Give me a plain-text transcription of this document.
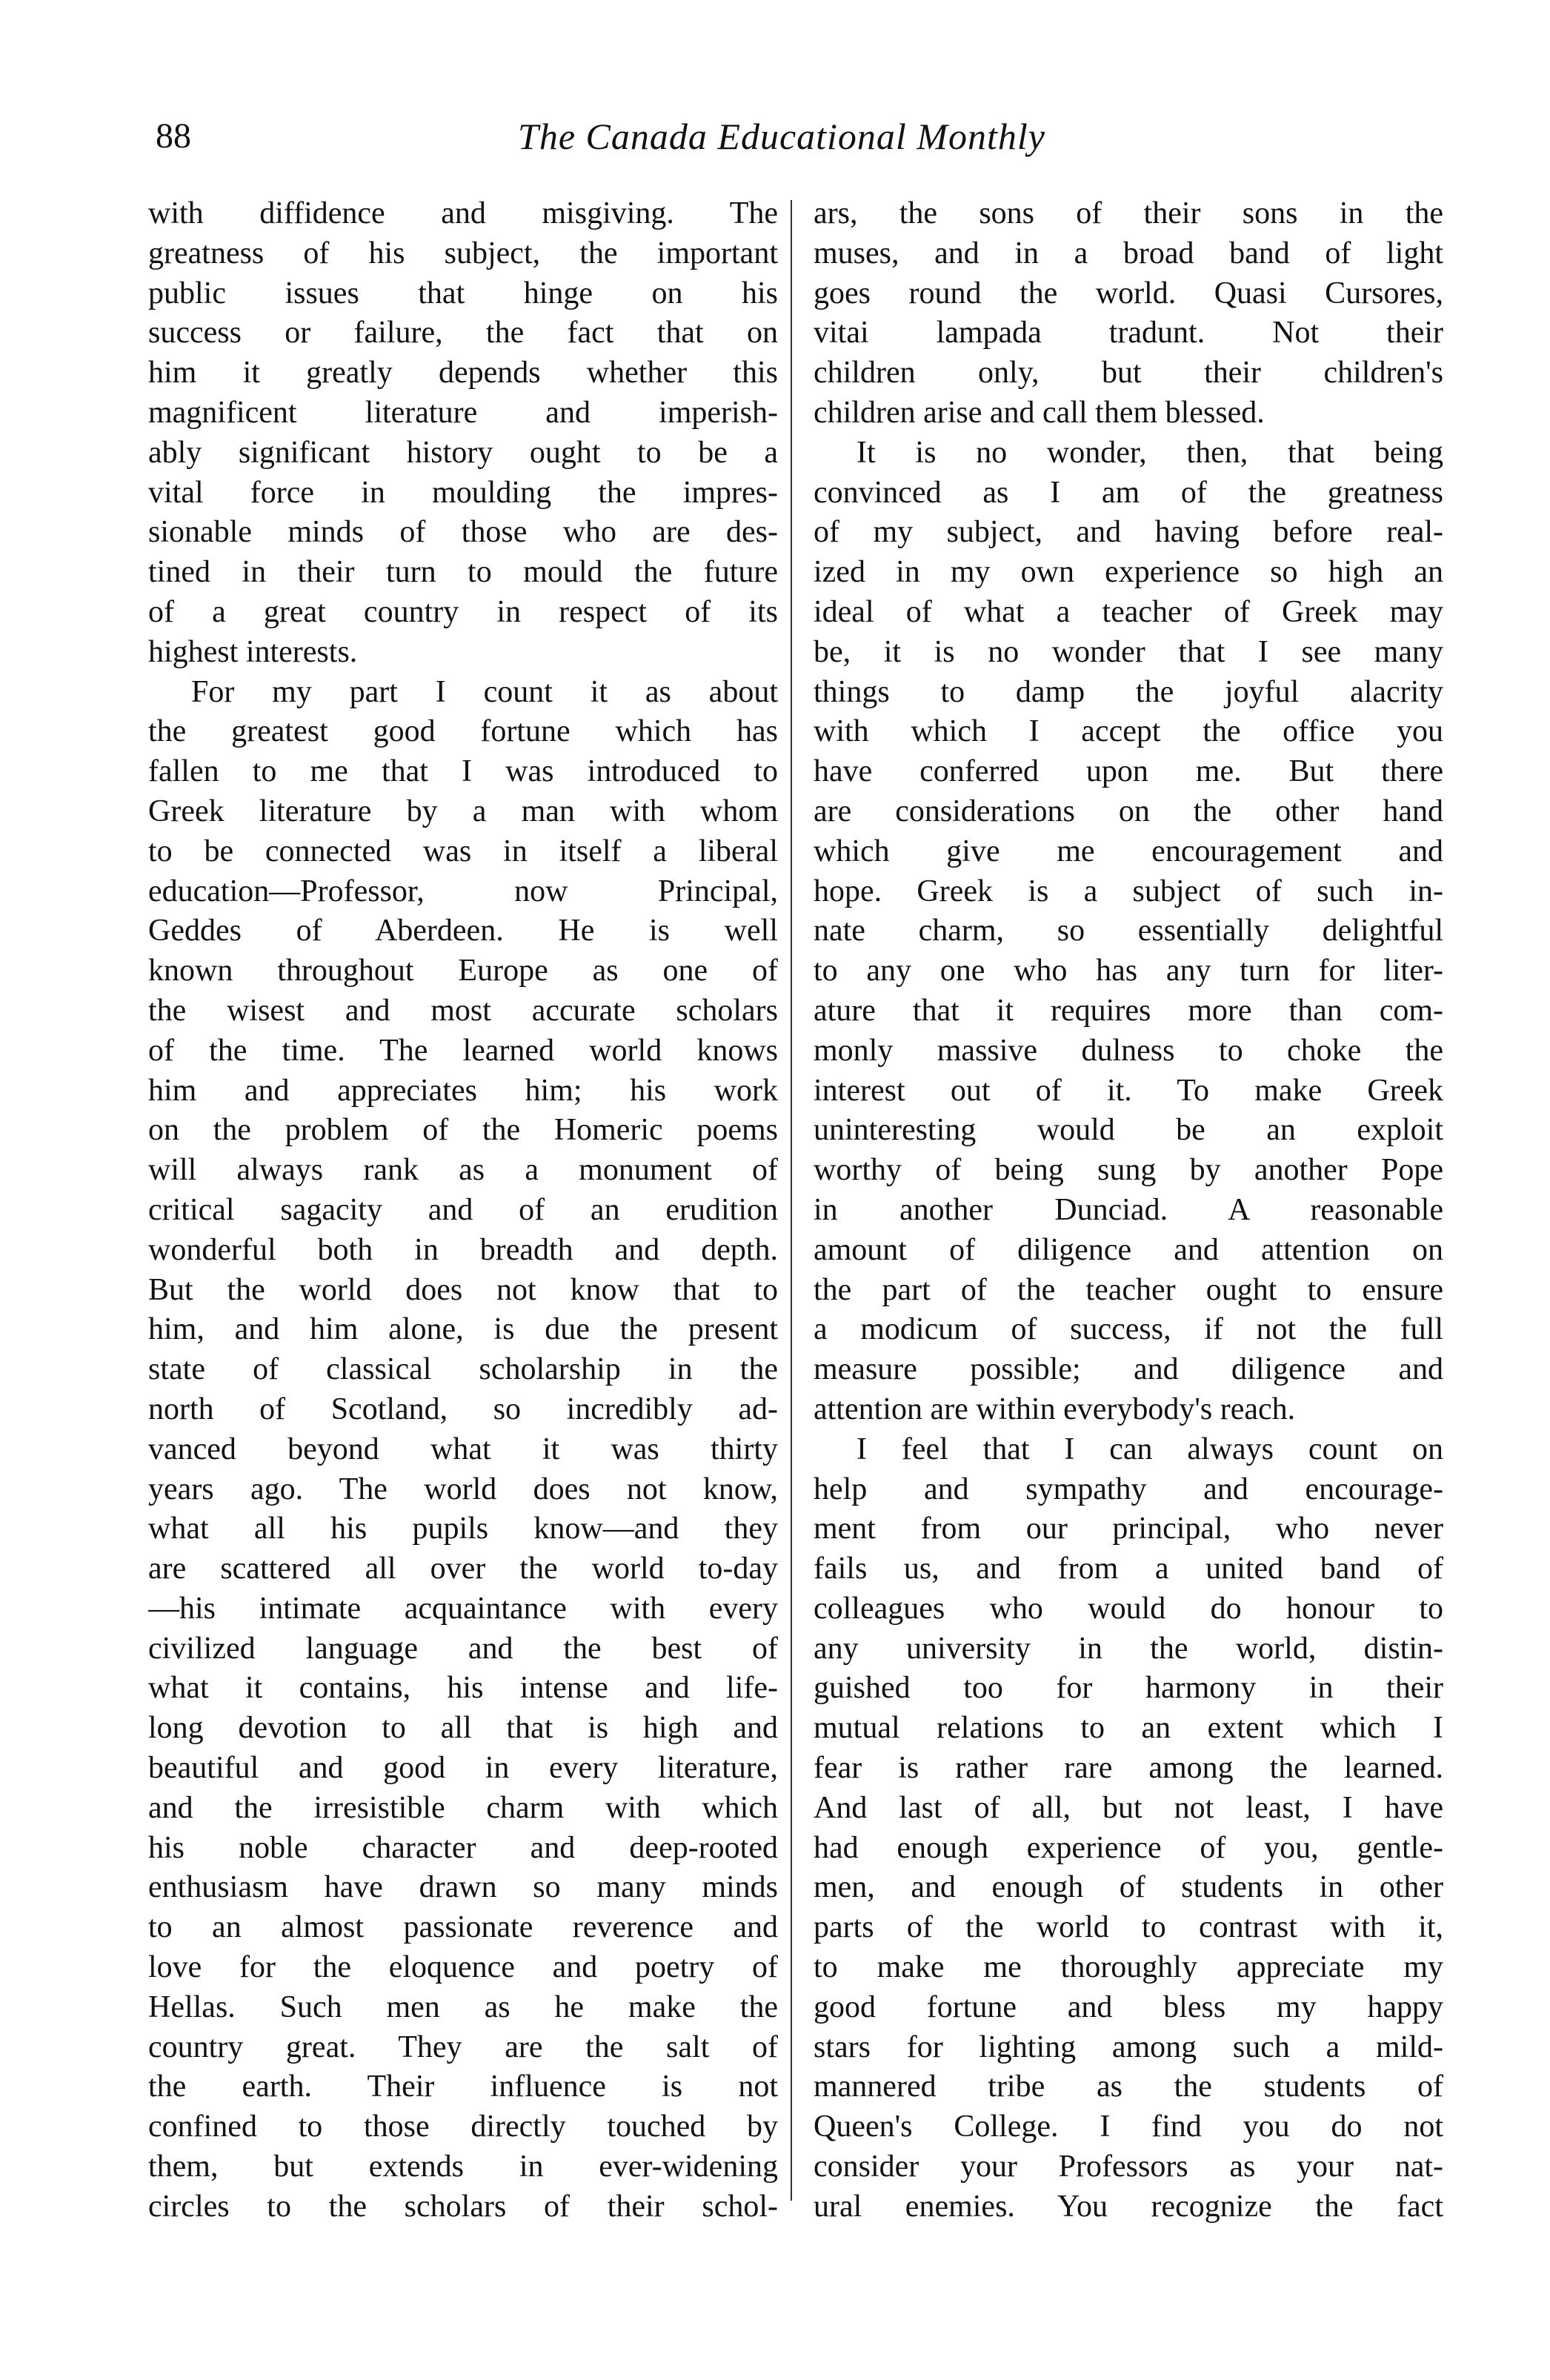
88	The Canada Educational Monthly
with diffidence and misgiving. The
greatness of his subject, the important
public issues that hinge on his
success or failure, the fact that on
him it greatly depends whether this
magnificent literature and imperish-
ably significant history ought to be a
vital force in moulding the impres-
sionable minds of those who are des-
tined in their turn to mould the future
of a great country in respect of its
highest interests.
For my part I count it as about
the greatest good fortune which has
fallen to me that I was introduced to
Greek literature by a man with whom
to be connected was in itself a liberal
education—Professor, now Principal,
Geddes of Aberdeen. He is well
known throughout Europe as one of
the wisest and most accurate scholars
of the time. The learned world knows
him and appreciates him; his work
on the problem of the Homeric poems
will always rank as a monument of
critical sagacity and of an erudition
wonderful both in breadth and depth.
But the world does not know that to
him, and him alone, is due the present
state of classical scholarship in the
north of Scotland, so incredibly ad-
vanced beyond what it was thirty
years ago. The world does not know,
what all his pupils know—and they
are scattered all over the world to-day
—his intimate acquaintance with every
civilized language and the best of
what it contains, his intense and life-
long devotion to all that is high and
beautiful and good in every literature,
and the irresistible charm with which
his noble character and deep-rooted
enthusiasm have drawn so many minds
to an almost passionate reverence and
love for the eloquence and poetry of
Hellas. Such men as he make the
country great. They are the salt of
the earth. Their influence is not
confined to those directly touched by
them, but extends in ever-widening
circles to the scholars of their schol-
ars, the sons of their sons in the
muses, and in a broad band of light
goes round the world. Quasi Cursores,
vitai lampada tradunt. Not their
children only, but their children's
children arise and call them blessed.
It is no wonder, then, that being
convinced as I am of the greatness
of my subject, and having before real-
ized in my own experience so high an
ideal of what a teacher of Greek may
be, it is no wonder that I see many
things to damp the joyful alacrity
with which I accept the office you
have conferred upon me. But there
are considerations on the other hand
which give me encouragement and
hope. Greek is a subject of such in-
nate charm, so essentially delightful
to any one who has any turn for liter-
ature that it requires more than com-
monly massive dulness to choke the
interest out of it. To make Greek
uninteresting would be an exploit
worthy of being sung by another Pope
in another Dunciad. A reasonable
amount of diligence and attention on
the part of the teacher ought to ensure
a modicum of success, if not the full
measure possible; and diligence and
attention are within everybody's reach.
I feel that I can always count on
help and sympathy and encourage-
ment from our principal, who never
fails us, and from a united band of
colleagues who would do honour to
any university in the world, distin-
guished too for harmony in their
mutual relations to an extent which I
fear is rather rare among the learned.
And last of all, but not least, I have
had enough experience of you, gentle-
men, and enough of students in other
parts of the world to contrast with it,
to make me thoroughly appreciate my
good fortune and bless my happy
stars for lighting among such a mild-
mannered tribe as the students of
Queen's College. I find you do not
consider your Professors as your nat-
ural enemies. You recognize the fact
